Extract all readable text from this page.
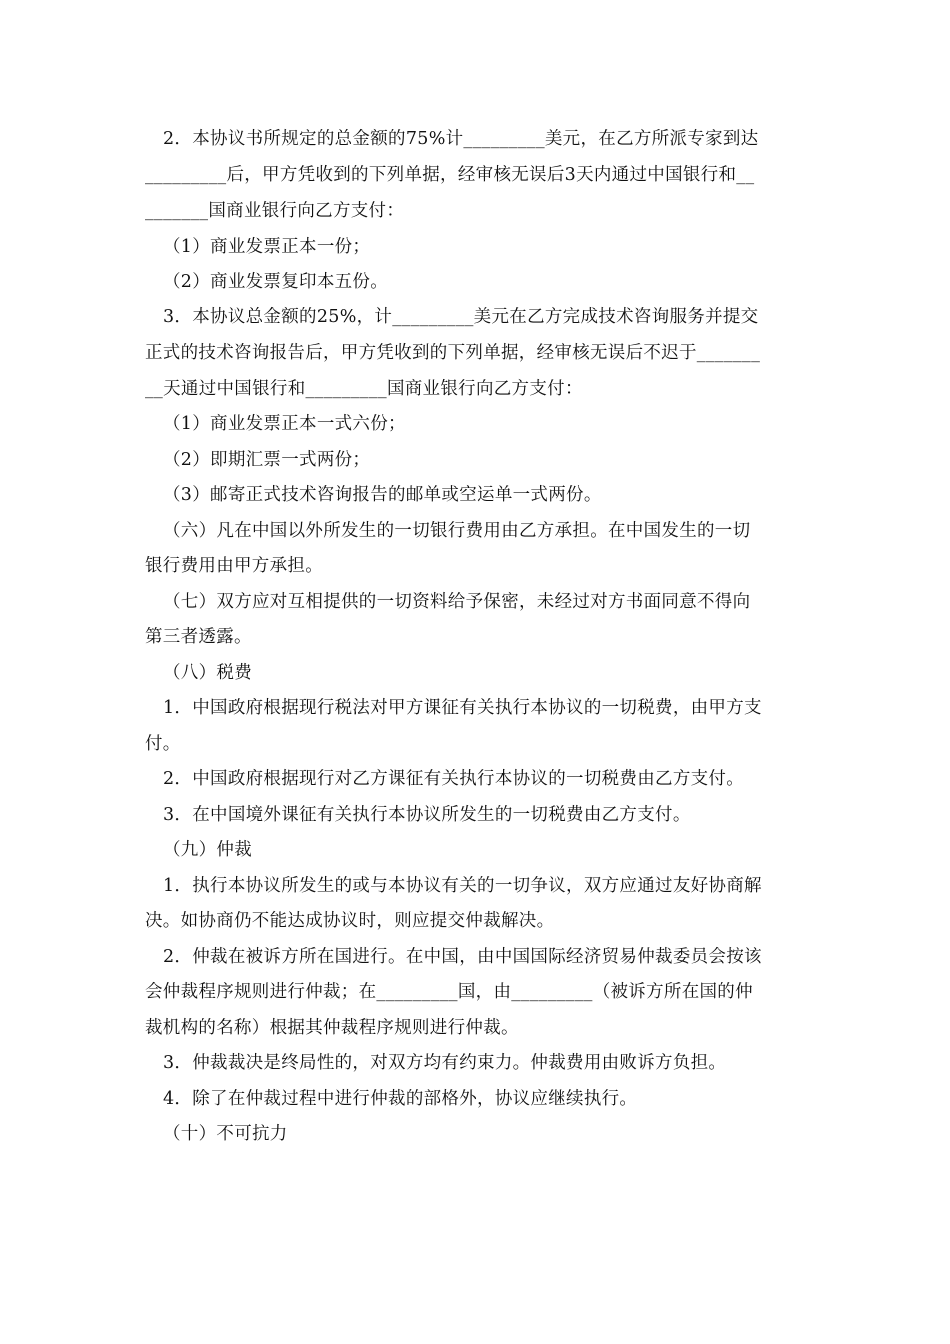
2．本协议书所规定的总金额的75%计_________美元，在乙方所派专家到达
_________后，甲方凭收到的下列单据，经审核无误后3天内通过中国银行和__
_______国商业银行向乙方支付：
（1）商业发票正本一份；
（2）商业发票复印本五份。
3．本协议总金额的25%，计_________美元在乙方完成技术咨询服务并提交
正式的技术咨询报告后，甲方凭收到的下列单据，经审核无误后不迟于_______
__天通过中国银行和_________国商业银行向乙方支付：
（1）商业发票正本一式六份；
（2）即期汇票一式两份；
（3）邮寄正式技术咨询报告的邮单或空运单一式两份。
（六）凡在中国以外所发生的一切银行费用由乙方承担。在中国发生的一切
银行费用由甲方承担。
（七）双方应对互相提供的一切资料给予保密，未经过对方书面同意不得向
第三者透露。
（八）税费
1．中国政府根据现行税法对甲方课征有关执行本协议的一切税费，由甲方支
付。
2．中国政府根据现行对乙方课征有关执行本协议的一切税费由乙方支付。
3．在中国境外课征有关执行本协议所发生的一切税费由乙方支付。
（九）仲裁
1．执行本协议所发生的或与本协议有关的一切争议，双方应通过友好协商解
决。如协商仍不能达成协议时，则应提交仲裁解决。
2．仲裁在被诉方所在国进行。在中国，由中国国际经济贸易仲裁委员会按该
会仲裁程序规则进行仲裁；在_________国，由_________（被诉方所在国的仲
裁机构的名称）根据其仲裁程序规则进行仲裁。
3．仲裁裁决是终局性的，对双方均有约束力。仲裁费用由败诉方负担。
4．除了在仲裁过程中进行仲裁的部格外，协议应继续执行。
（十）不可抗力
